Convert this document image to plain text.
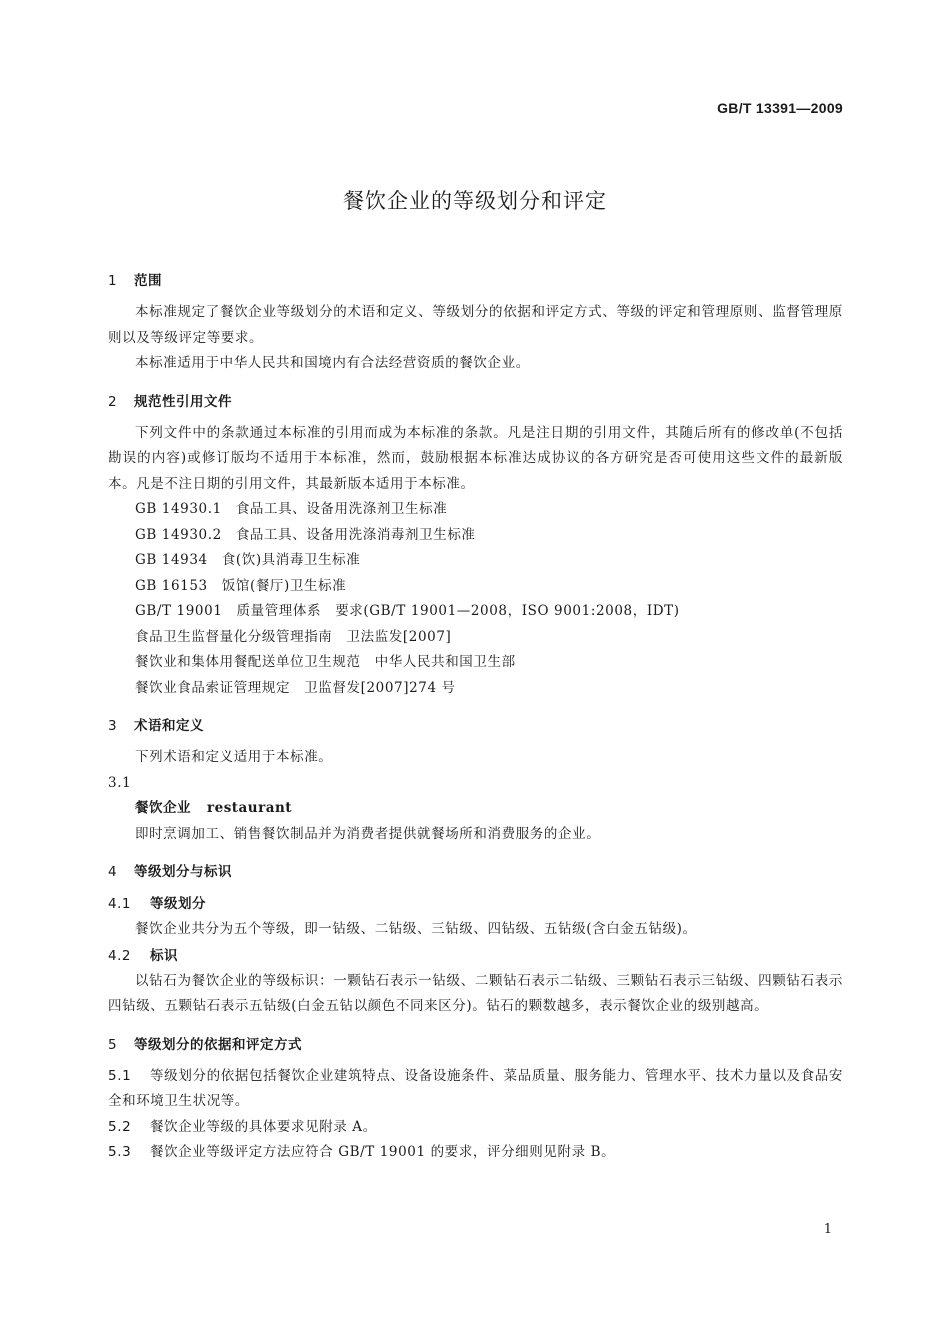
GB/T 13391—2009
餐饮企业的等级划分和评定
1 范围
本标准规定了餐饮企业等级划分的术语和定义、等级划分的依据和评定方式、等级的评定和管理原则、监督管理原则以及等级评定等要求。
本标准适用于中华人民共和国境内有合法经营资质的餐饮企业。
2 规范性引用文件
下列文件中的条款通过本标准的引用而成为本标准的条款。凡是注日期的引用文件，其随后所有的修改单(不包括勘误的内容)或修订版均不适用于本标准，然而，鼓励根据本标准达成协议的各方研究是否可使用这些文件的最新版本。凡是不注日期的引用文件，其最新版本适用于本标准。
GB 14930.1 食品工具、设备用洗涤剂卫生标准
GB 14930.2 食品工具、设备用洗涤消毒剂卫生标准
GB 14934 食(饮)具消毒卫生标准
GB 16153 饭馆(餐厅)卫生标准
GB/T 19001 质量管理体系　要求(GB/T 19001—2008，ISO 9001:2008，IDT)
食品卫生监督量化分级管理指南　卫法监发[2007]
餐饮业和集体用餐配送单位卫生规范　中华人民共和国卫生部
餐饮业食品索证管理规定　卫监督发[2007]274 号
3 术语和定义
下列术语和定义适用于本标准。
3.1
餐饮企业 restaurant
即时烹调加工、销售餐饮制品并为消费者提供就餐场所和消费服务的企业。
4 等级划分与标识
4.1 等级划分
餐饮企业共分为五个等级，即一钻级、二钻级、三钻级、四钻级、五钻级(含白金五钻级)。
4.2 标识
以钻石为餐饮企业的等级标识：一颗钻石表示一钻级、二颗钻石表示二钻级、三颗钻石表示三钻级、四颗钻石表示四钻级、五颗钻石表示五钻级(白金五钻以颜色不同来区分)。钻石的颗数越多，表示餐饮企业的级别越高。
5 等级划分的依据和评定方式
5.1 等级划分的依据包括餐饮企业建筑特点、设备设施条件、菜品质量、服务能力、管理水平、技术力量以及食品安全和环境卫生状况等。
5.2 餐饮企业等级的具体要求见附录 A。
5.3 餐饮企业等级评定方法应符合 GB/T 19001 的要求，评分细则见附录 B。
1
